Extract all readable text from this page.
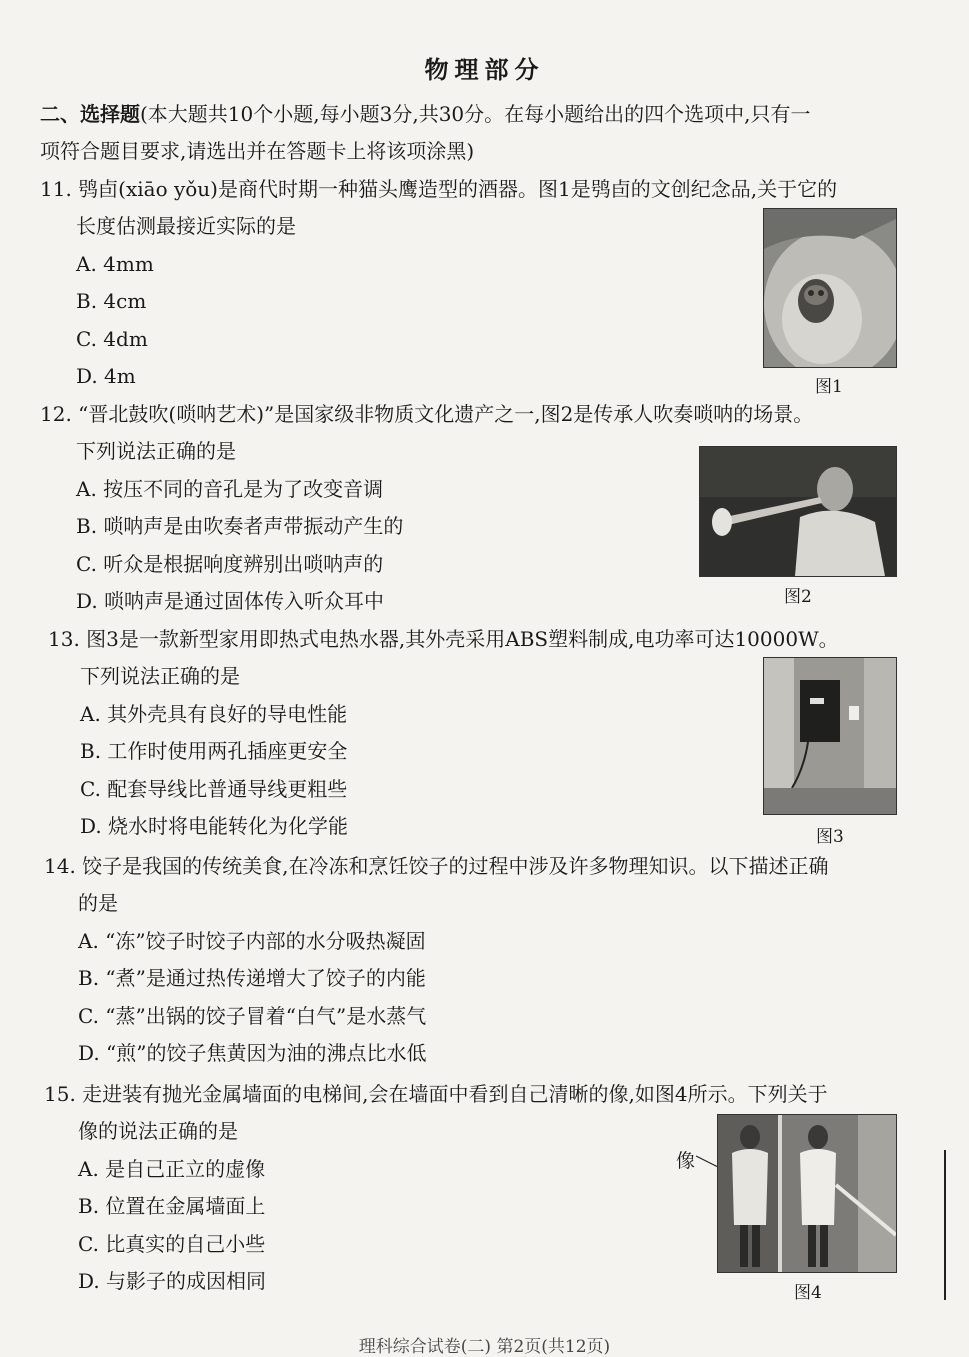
物理部分
二、选择题(本大题共10个小题,每小题3分,共30分。在每小题给出的四个选项中,只有一
项符合题目要求,请选出并在答题卡上将该项涂黑)
11. 鸮卣(xiāo yǒu)是商代时期一种猫头鹰造型的酒器。图1是鸮卣的文创纪念品,关于它的
长度估测最接近实际的是
A. 4mm
B. 4cm
C. 4dm
D. 4m	图1
12. “晋北鼓吹(唢呐艺术)”是国家级非物质文化遗产之一,图2是传承人吹奏唢呐的场景。
下列说法正确的是
A. 按压不同的音孔是为了改变音调
B. 唢呐声是由吹奏者声带振动产生的
C. 听众是根据响度辨别出唢呐声的
D. 唢呐声是通过固体传入听众耳中	图2
13. 图3是一款新型家用即热式电热水器,其外壳采用ABS塑料制成,电功率可达10000W。
下列说法正确的是
A. 其外壳具有良好的导电性能
B. 工作时使用两孔插座更安全
C. 配套导线比普通导线更粗些
D. 烧水时将电能转化为化学能	图3
14. 饺子是我国的传统美食,在冷冻和烹饪饺子的过程中涉及许多物理知识。以下描述正确
的是
A. “冻”饺子时饺子内部的水分吸热凝固
B. “煮”是通过热传递增大了饺子的内能
C. “蒸”出锅的饺子冒着“白气”是水蒸气
D. “煎”的饺子焦黄因为油的沸点比水低
15. 走进装有抛光金属墙面的电梯间,会在墙面中看到自己清晰的像,如图4所示。下列关于
像的说法正确的是
A. 是自己正立的虚像
B. 位置在金属墙面上
C. 比真实的自己小些
D. 与影子的成因相同
像
图4
理科综合试卷(二) 第2页(共12页)
